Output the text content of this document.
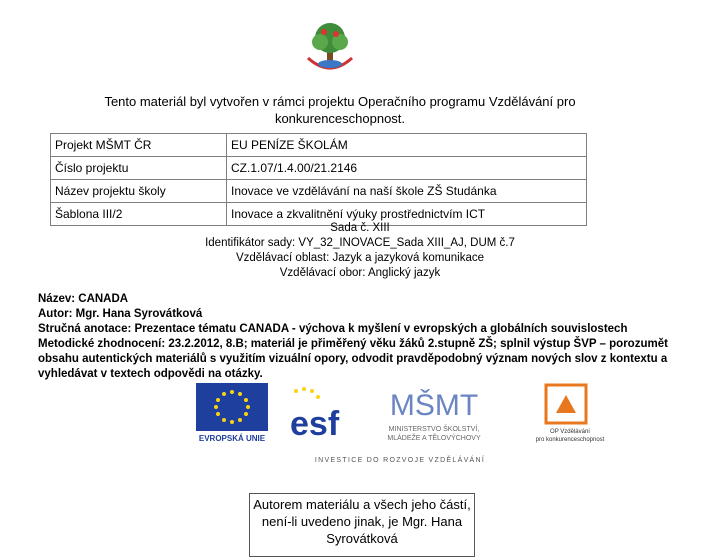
Tento materiál byl vytvořen v rámci projektu Operačního programu Vzdělávání pro konkurenceschopnost.
Projekt MŠMT ČR	EU PENÍZE ŠKOLÁM
Číslo projektu	CZ.1.07/1.4.00/21.2146
Název projektu školy	Inovace ve vzdělávání na naší škole ZŠ Studánka
Šablona III/2	Inovace a zkvalitnění výuky prostřednictvím ICT
Sada č. XIII
Identifikátor sady: VY_32_INOVACE_Sada XIII_AJ, DUM č.7
Vzdělávací oblast: Jazyk a jazyková komunikace
Vzdělávací obor: Anglický jazyk
Název: CANADA
Autor: Mgr. Hana Syrovátková
Stručná anotace: Prezentace tématu CANADA - výchova k myšlení v evropských a globálních souvislostech
Metodické zhodnocení: 23.2.2012, 8.B; materiál je přiměřený věku žáků 2.stupně ZŠ; splnil výstup ŠVP – porozumět obsahu autentických materiálů s využitím vizuální opory, odvodit pravděpodobný význam nových slov z kontextu a vyhledávat v textech odpovědi na otázky.
EVROPSKÁ UNIE esf MŠMT
MINISTERSTVO ŠKOLSTVÍ,
MLÁDEŽE A TĚLOVÝCHOVY
OP Vzdělávání
pro konkurenceschopnost
INVESTICE DO ROZVOJE VZDĚLÁVÁNÍ
Autorem materiálu a všech jeho částí, není-li uvedeno jinak, je Mgr. Hana Syrovátková
